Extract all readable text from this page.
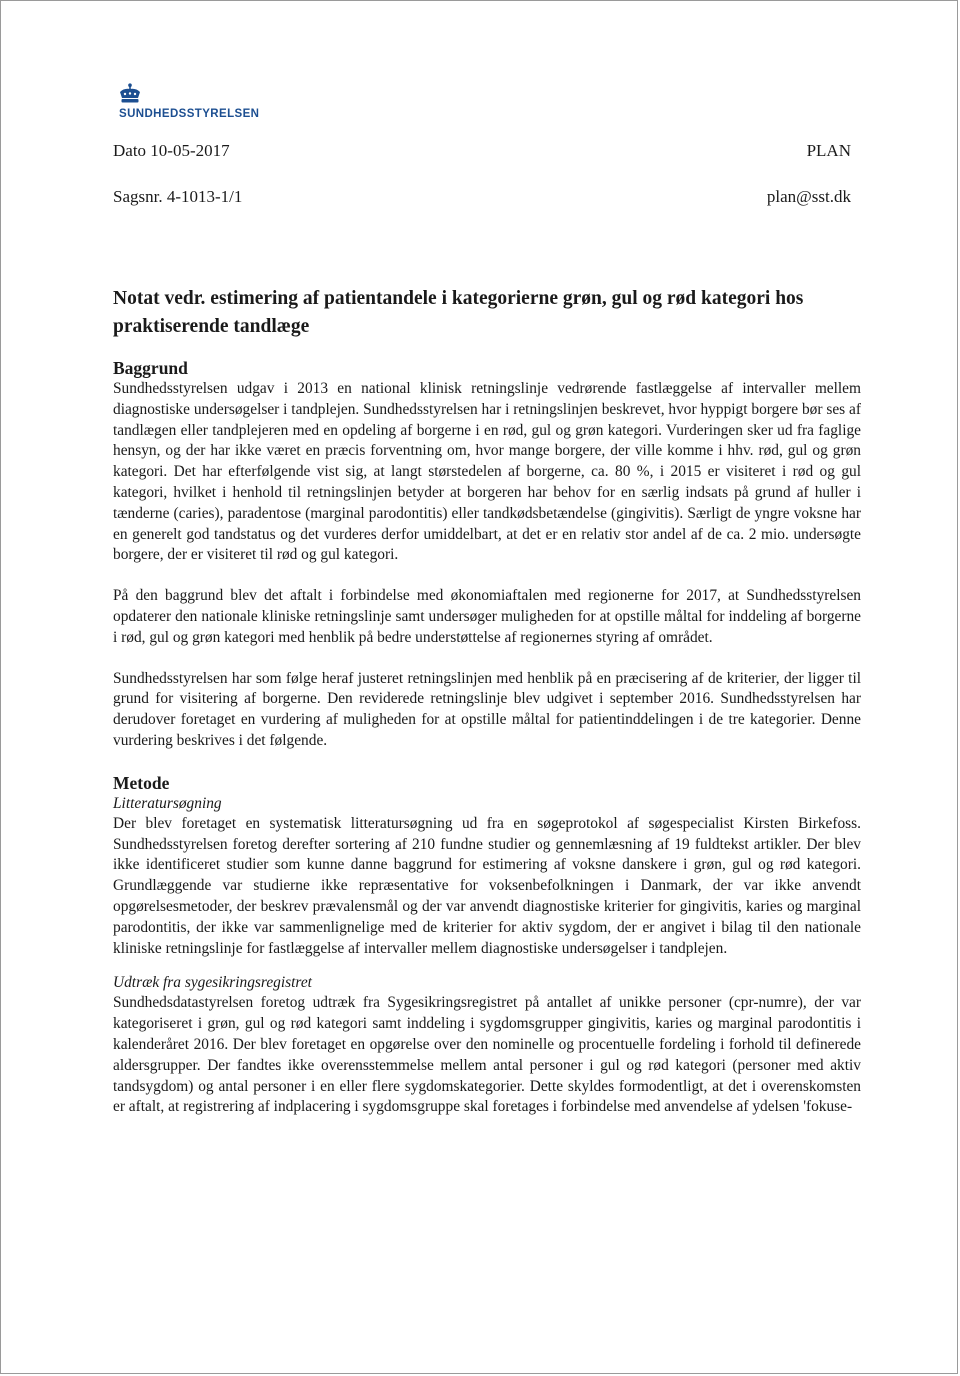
SUNDHEDSSTYRELSEN
Dato 10-05-2017	PLAN
Sagsnr. 4-1013-1/1	plan@sst.dk
Notat vedr. estimering af patientandele i kategorierne grøn, gul og rød kategori hos praktiserende tandlæge
Baggrund

Sundhedsstyrelsen udgav i 2013 en national klinisk retningslinje vedrørende fastlæggelse af intervaller mellem diagnostiske undersøgelser i tandplejen. Sundhedsstyrelsen har i retningslinjen beskrevet, hvor hyppigt borgere bør ses af tandlægen eller tandplejeren med en opdeling af borgerne i en rød, gul og grøn kategori. Vurderingen sker ud fra faglige hensyn, og der har ikke været en præcis forventning om, hvor mange borgere, der ville komme i hhv. rød, gul og grøn kategori. Det har efterfølgende vist sig, at langt størstedelen af borgerne, ca. 80 %, i 2015 er visiteret i rød og gul kategori, hvilket i henhold til retningslinjen betyder at borgeren har behov for en særlig indsats på grund af huller i tænderne (caries), paradentose (marginal parodontitis) eller tandkødsbetændelse (gingivitis). Særligt de yngre voksne har en generelt god tandstatus og det vurderes derfor umiddelbart, at det er en relativ stor andel af de ca. 2 mio. undersøgte borgere, der er visiteret til rød og gul kategori.

På den baggrund blev det aftalt i forbindelse med økonomiaftalen med regionerne for 2017, at Sundhedsstyrelsen opdaterer den nationale kliniske retningslinje samt undersøger muligheden for at opstille måltal for inddeling af borgerne i rød, gul og grøn kategori med henblik på bedre understøttelse af regionernes styring af området.

Sundhedsstyrelsen har som følge heraf justeret retningslinjen med henblik på en præcisering af de kriterier, der ligger til grund for visitering af borgerne. Den reviderede retningslinje blev udgivet i september 2016. Sundhedsstyrelsen har derudover foretaget en vurdering af muligheden for at opstille måltal for patientinddelingen i de tre kategorier. Denne vurdering beskrives i det følgende.

Metode
Litteratursøgning

Der blev foretaget en systematisk litteratursøgning ud fra en søgeprotokol af søgespecialist Kirsten Birkefoss. Sundhedsstyrelsen foretog derefter sortering af 210 fundne studier og gennemlæsning af 19 fuldtekst artikler. Der blev ikke identificeret studier som kunne danne baggrund for estimering af voksne danskere i grøn, gul og rød kategori. Grundlæggende var studierne ikke repræsentative for voksenbefolkningen i Danmark, der var ikke anvendt opgørelsesmetoder, der beskrev prævalensmål og der var anvendt diagnostiske kriterier for gingivitis, karies og marginal parodontitis, der ikke var sammenlignelige med de kriterier for aktiv sygdom, der er angivet i bilag til den nationale kliniske retningslinje for fastlæggelse af intervaller mellem diagnostiske undersøgelser i tandplejen.

Udtræk fra sygesikringsregistret

Sundhedsdatastyrelsen foretog udtræk fra Sygesikringsregistret på antallet af unikke personer (cpr-numre), der var kategoriseret i grøn, gul og rød kategori samt inddeling i sygdomsgrupper gingivitis, karies og marginal parodontitis i kalenderåret 2016. Der blev foretaget en opgørelse over den nominelle og procentuelle fordeling i forhold til definerede aldersgrupper. Der fandtes ikke overensstemmelse mellem antal personer i gul og rød kategori (personer med aktiv tandsygdom) og antal personer i en eller flere sygdomskategorier. Dette skyldes formodentligt, at det i overenskomsten er aftalt, at registrering af indplacering i sygdomsgruppe skal foretages i forbindelse med anvendelse af ydelsen 'fokuse-
